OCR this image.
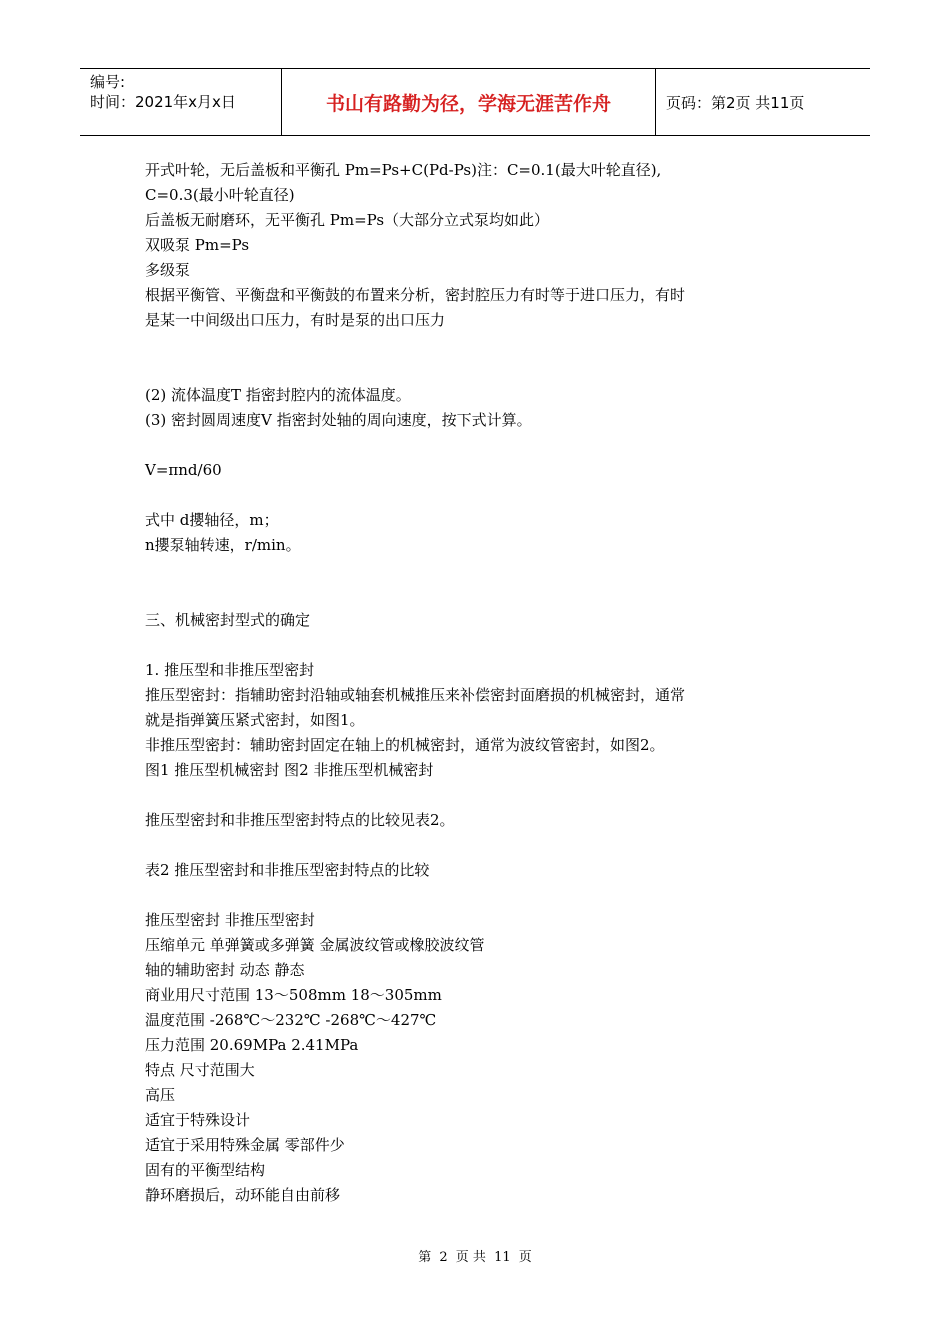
编号:
时间：2021年x月x日	书山有路勤为径，学海无涯苦作舟	页码：第2页 共11页
开式叶轮，无后盖板和平衡孔 Pm=Ps+C(Pd-Ps)注：C=0.1(最大叶轮直径),
C=0.3(最小叶轮直径)
后盖板无耐磨环，无平衡孔 Pm=Ps（大部分立式泵均如此）
双吸泵 Pm=Ps
多级泵
根据平衡管、平衡盘和平衡鼓的布置来分析，密封腔压力有时等于进口压力，有时
是某一中间级出口压力，有时是泵的出口压力
(2) 流体温度T 指密封腔内的流体温度。
(3) 密封圆周速度V 指密封处轴的周向速度，按下式计算。
V=πnd/60
式中 d攖轴径，m；
n攖泵轴转速，r/min。
三、机械密封型式的确定
1. 推压型和非推压型密封
推压型密封：指辅助密封沿轴或轴套机械推压来补偿密封面磨损的机械密封，通常
就是指弹簧压紧式密封，如图1。
非推压型密封：辅助密封固定在轴上的机械密封，通常为波纹管密封，如图2。
图1 推压型机械密封 图2 非推压型机械密封
推压型密封和非推压型密封特点的比较见表2。
表2 推压型密封和非推压型密封特点的比较
推压型密封 非推压型密封
压缩单元 单弹簧或多弹簧 金属波纹管或橡胶波纹管
轴的辅助密封 动态 静态
商业用尺寸范围 13～508mm 18～305mm
温度范围 -268℃～232℃ -268℃～427℃
压力范围 20.69MPa 2.41MPa
特点 尺寸范围大
高压
适宜于特殊设计
适宜于采用特殊金属 零部件少
固有的平衡型结构
静环磨损后，动环能自由前移
第 2 页 共 11 页
